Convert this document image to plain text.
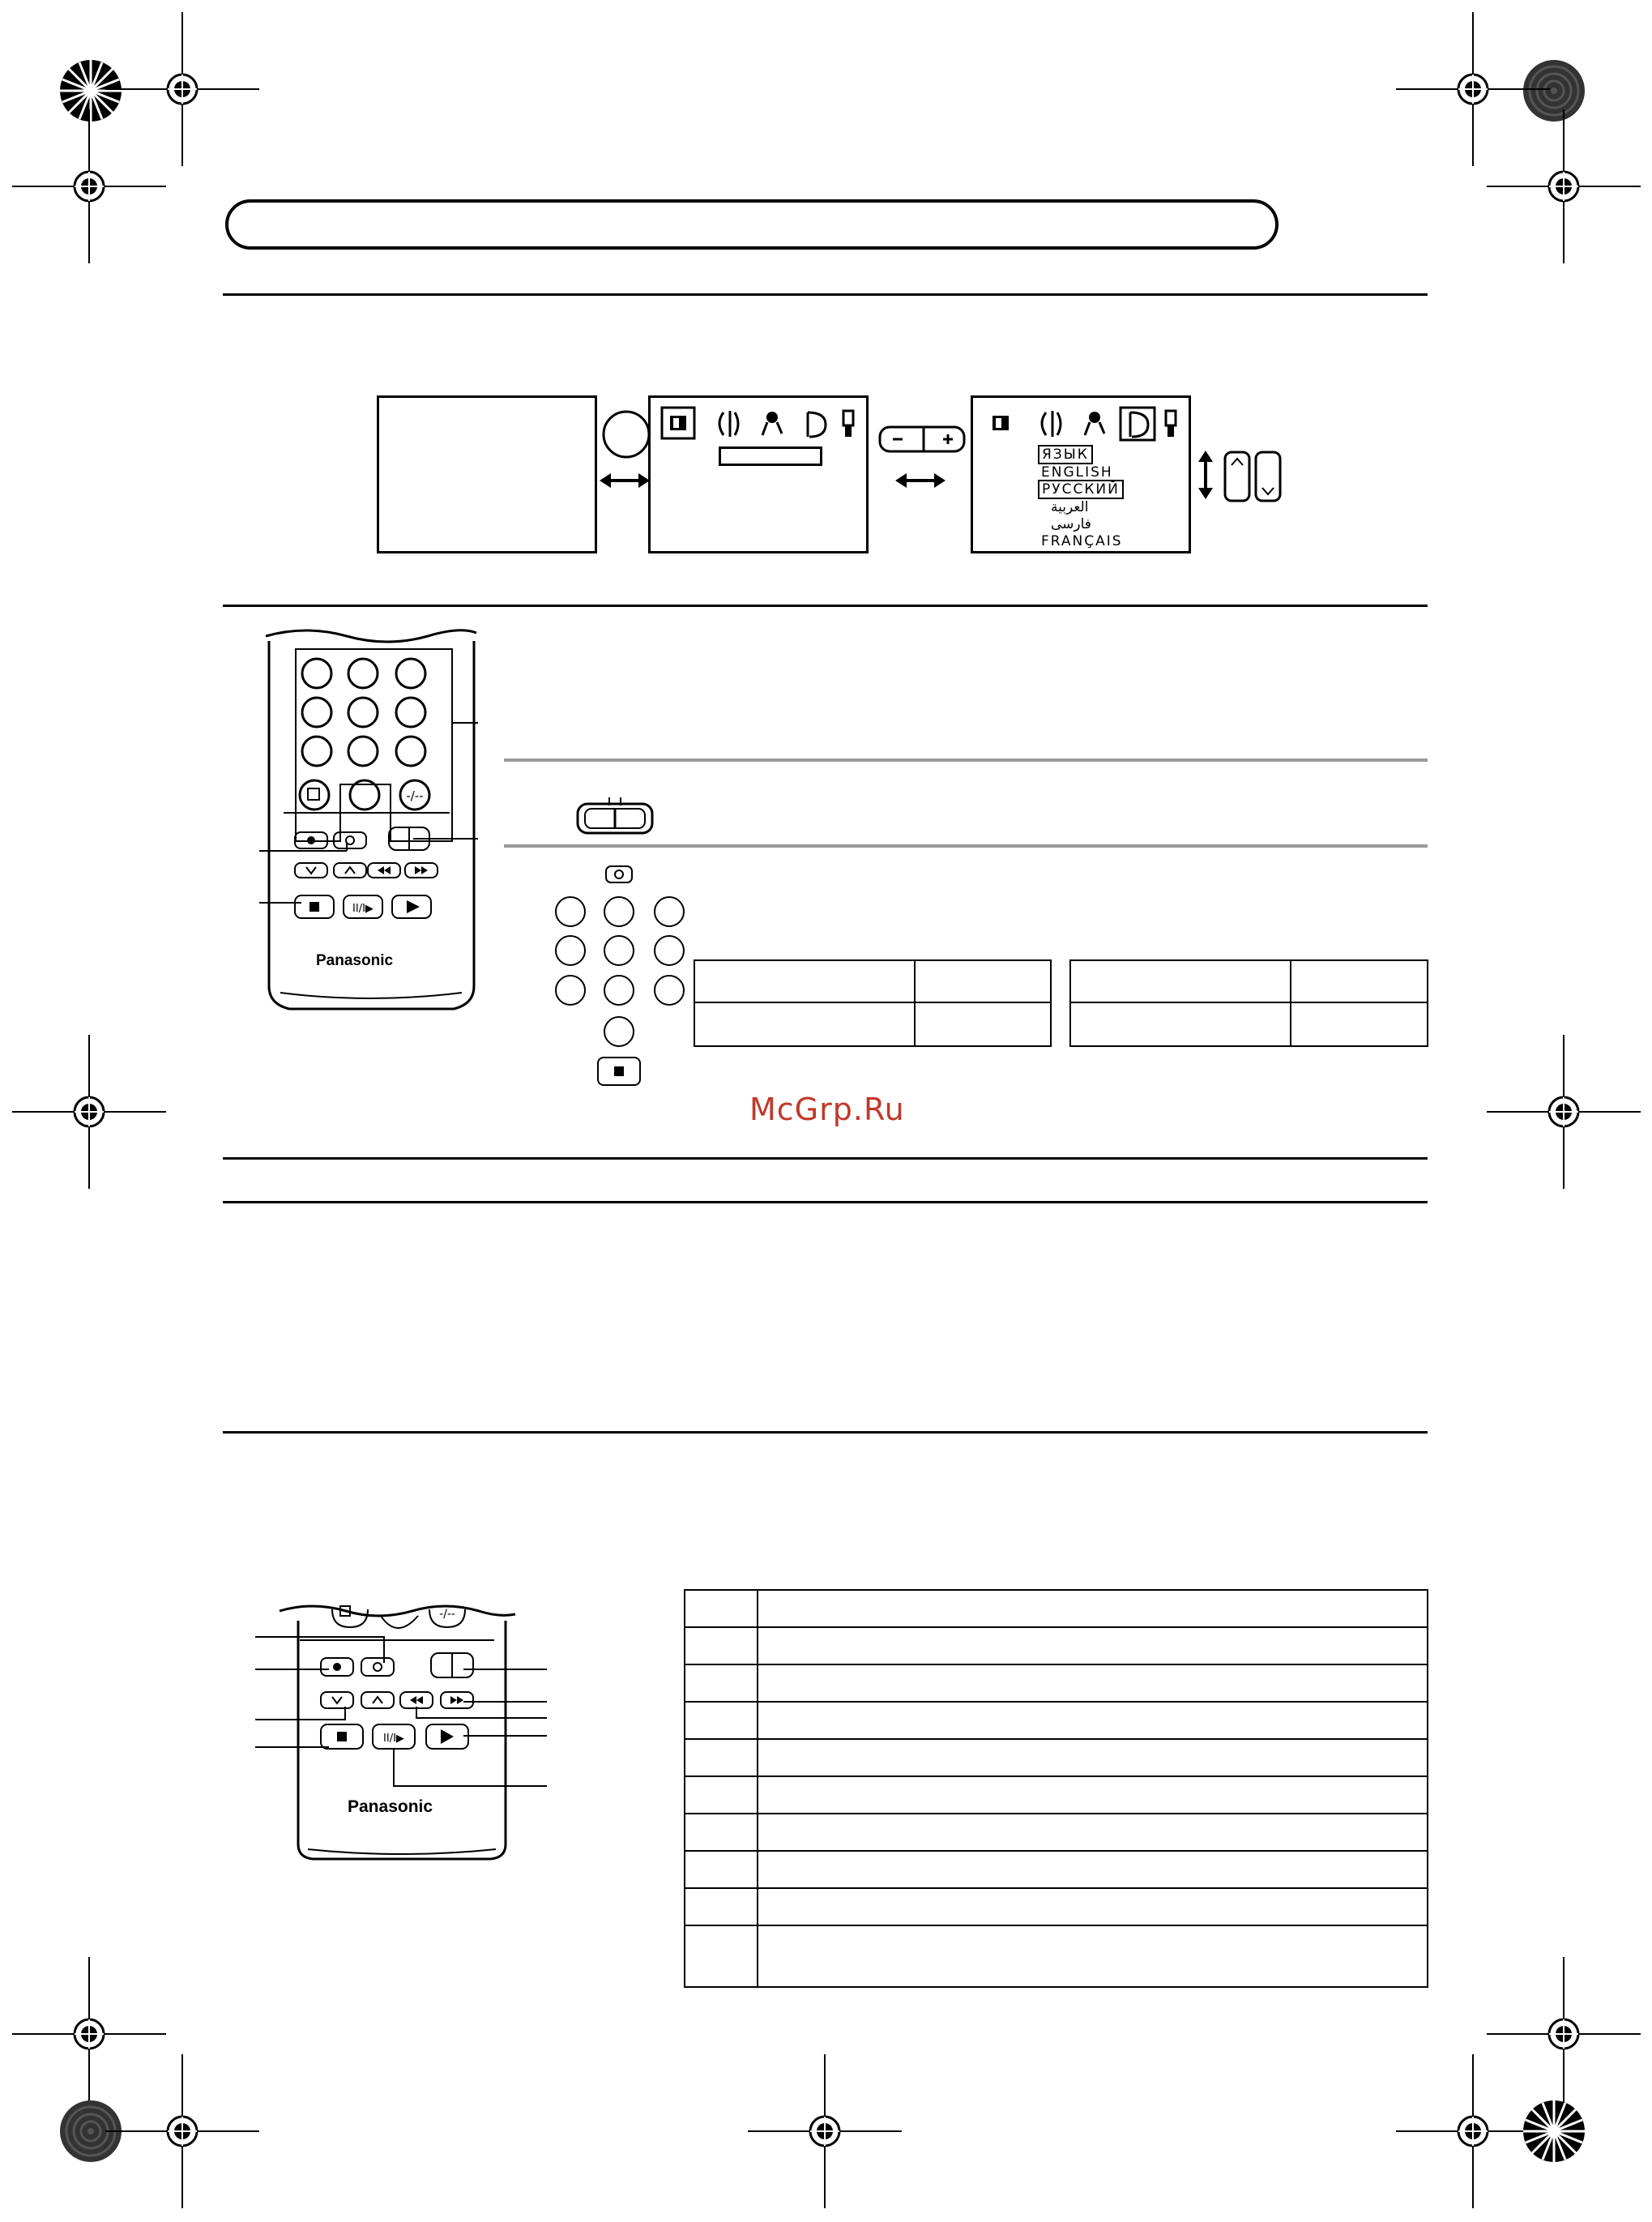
ЯЗЫК
ENGLISH
РУССКИЙ
العربية
فارسی
FRANÇAIS
-/--
II/I▶
Panasonic

McGrp.Ru
-/--
II/I▶
Panasonic
